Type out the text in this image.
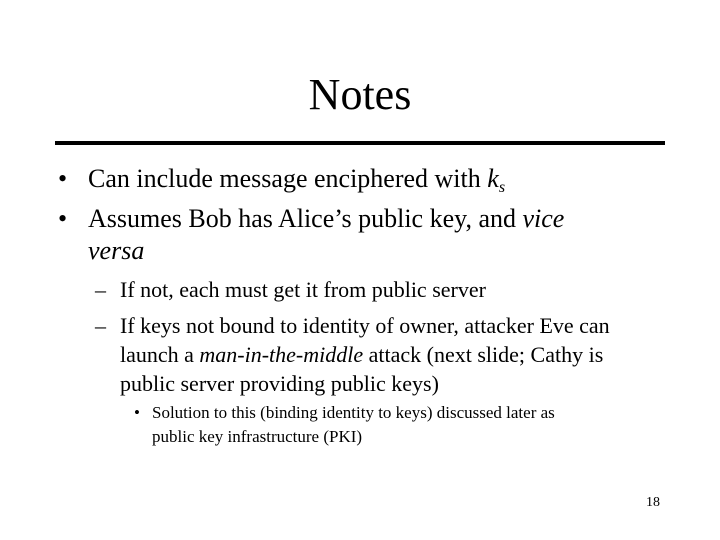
Notes
• Can include message enciphered with $k_s$
• Assumes Bob has Alice’s public key, and vice
versa
– If not, each must get it from public server
– If keys not bound to identity of owner, attacker Eve can
launch a man-in-the-middle attack (next slide; Cathy is
public server providing public keys)
• Solution to this (binding identity to keys) discussed later as
public key infrastructure (PKI)
18
